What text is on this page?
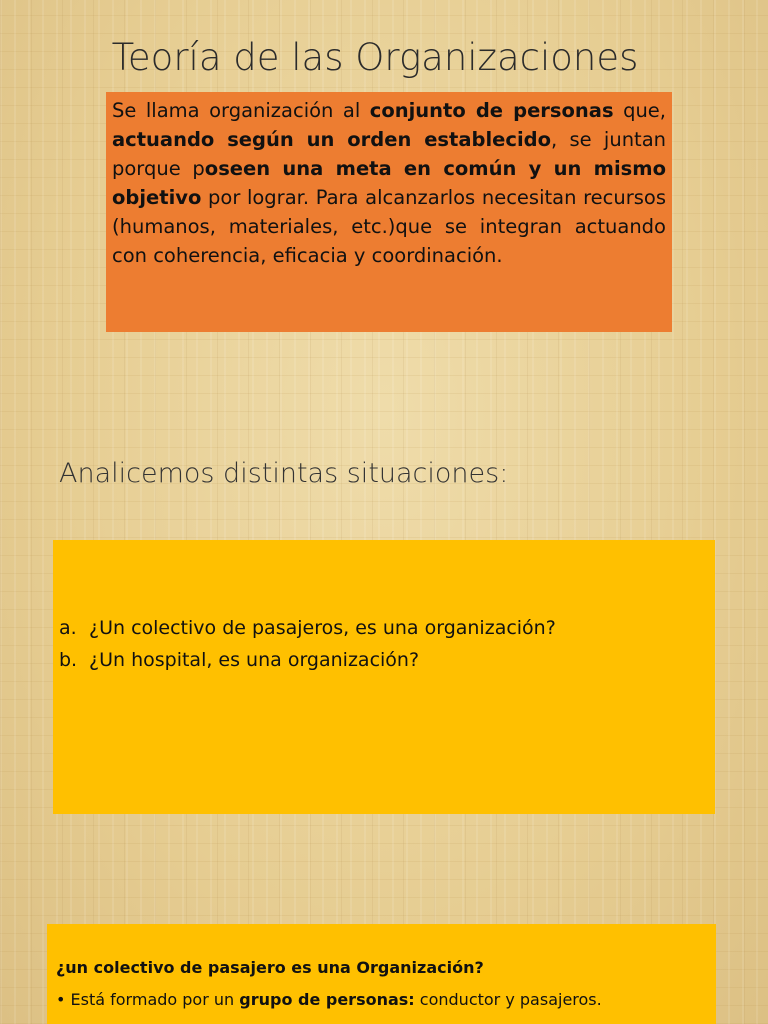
Teoría de las Organizaciones

Se llama organización al conjunto de personas que, actuando según un orden establecido, se juntan porque poseen una meta en común y un mismo objetivo por lograr. Para alcanzarlos necesitan recursos (humanos, materiales, etc.)que se integran actuando con coherencia, eficacia y coordinación.

Analicemos distintas situaciones:
a. ¿Un colectivo de pasajeros, es una organización?
b. ¿Un hospital, es una organización?
¿un colectivo de pasajero es una Organización?
• Está formado por un grupo de personas: conductor y pasajeros.
